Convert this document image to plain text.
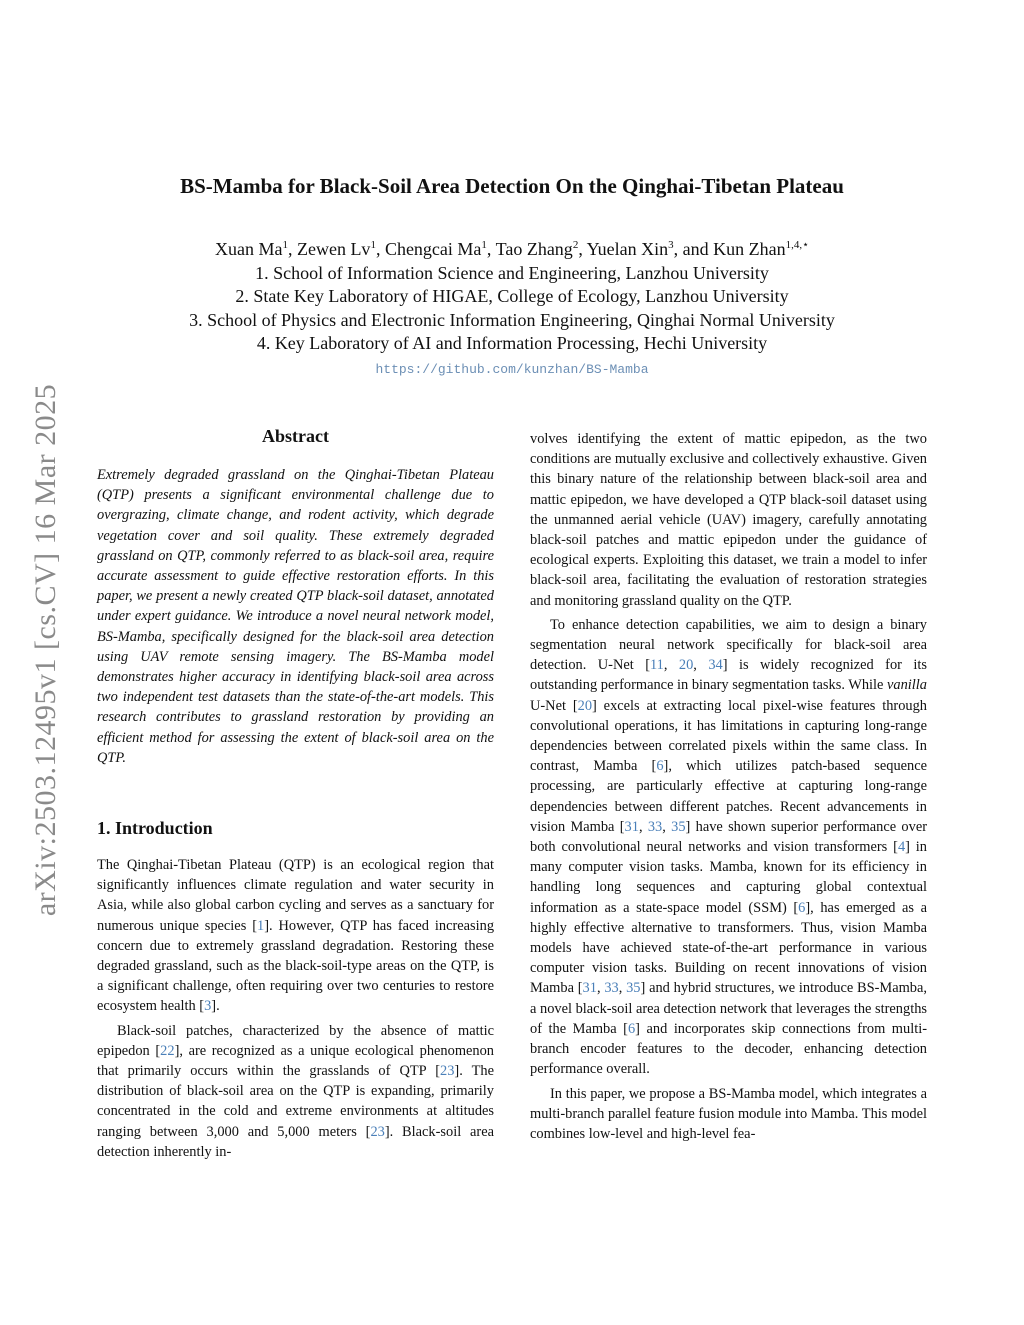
arXiv:2503.12495v1 [cs.CV] 16 Mar 2025
BS-Mamba for Black-Soil Area Detection On the Qinghai-Tibetan Plateau
Xuan Ma$^1$, Zewen Lv$^1$, Chengcai Ma$^1$, Tao Zhang$^2$, Yuelan Xin$^3$, and Kun Zhan$^{1,4,⋆}$
1. School of Information Science and Engineering, Lanzhou University
2. State Key Laboratory of HIGAE, College of Ecology, Lanzhou University
3. School of Physics and Electronic Information Engineering, Qinghai Normal University
4. Key Laboratory of AI and Information Processing, Hechi University
https://github.com/kunzhan/BS-Mamba
Abstract

Extremely degraded grassland on the Qinghai-Tibetan Plateau (QTP) presents a significant environmental challenge due to overgrazing, climate change, and rodent activity, which degrade vegetation cover and soil quality. These extremely degraded grassland on QTP, commonly referred to as black-soil area, require accurate assessment to guide effective restoration efforts. In this paper, we present a newly created QTP black-soil dataset, annotated under expert guidance. We introduce a novel neural network model, BS-Mamba, specifically designed for the black-soil area detection using UAV remote sensing imagery. The BS-Mamba model demonstrates higher accuracy in identifying black-soil area across two independent test datasets than the state-of-the-art models. This research contributes to grassland restoration by providing an efficient method for assessing the extent of black-soil area on the QTP.

1. Introduction

The Qinghai-Tibetan Plateau (QTP) is an ecological region that significantly influences climate regulation and water security in Asia, while also global carbon cycling and serves as a sanctuary for numerous unique species [1]. However, QTP has faced increasing concern due to extremely grassland degradation. Restoring these degraded grassland, such as the black-soil-type areas on the QTP, is a significant challenge, often requiring over two centuries to restore ecosystem health [3].

Black-soil patches, characterized by the absence of mattic epipedon [22], are recognized as a unique ecological phenomenon that primarily occurs within the grasslands of QTP [23]. The distribution of black-soil area on the QTP is expanding, primarily concentrated in the cold and extreme environments at altitudes ranging between 3,000 and 5,000 meters [23]. Black-soil area detection inherently in-

volves identifying the extent of mattic epipedon, as the two conditions are mutually exclusive and collectively exhaustive. Given this binary nature of the relationship between black-soil area and mattic epipedon, we have developed a QTP black-soil dataset using the unmanned aerial vehicle (UAV) imagery, carefully annotating black-soil patches and mattic epipedon under the guidance of ecological experts. Exploiting this dataset, we train a model to infer black-soil area, facilitating the evaluation of restoration strategies and monitoring grassland quality on the QTP.

To enhance detection capabilities, we aim to design a binary segmentation neural network specifically for black-soil area detection. U-Net [11, 20, 34] is widely recognized for its outstanding performance in binary segmentation tasks. While vanilla U-Net [20] excels at extracting local pixel-wise features through convolutional operations, it has limitations in capturing long-range dependencies between correlated pixels within the same class. In contrast, Mamba [6], which utilizes patch-based sequence processing, are particularly effective at capturing long-range dependencies between different patches. Recent advancements in vision Mamba [31, 33, 35] have shown superior performance over both convolutional neural networks and vision transformers [4] in many computer vision tasks. Mamba, known for its efficiency in handling long sequences and capturing global contextual information as a state-space model (SSM) [6], has emerged as a highly effective alternative to transformers. Thus, vision Mamba models have achieved state-of-the-art performance in various computer vision tasks. Building on recent innovations of vision Mamba [31, 33, 35] and hybrid structures, we introduce BS-Mamba, a novel black-soil area detection network that leverages the strengths of the Mamba [6] and incorporates skip connections from multi-branch encoder features to the decoder, enhancing detection performance overall.

In this paper, we propose a BS-Mamba model, which integrates a multi-branch parallel feature fusion module into Mamba. This model combines low-level and high-level fea-
